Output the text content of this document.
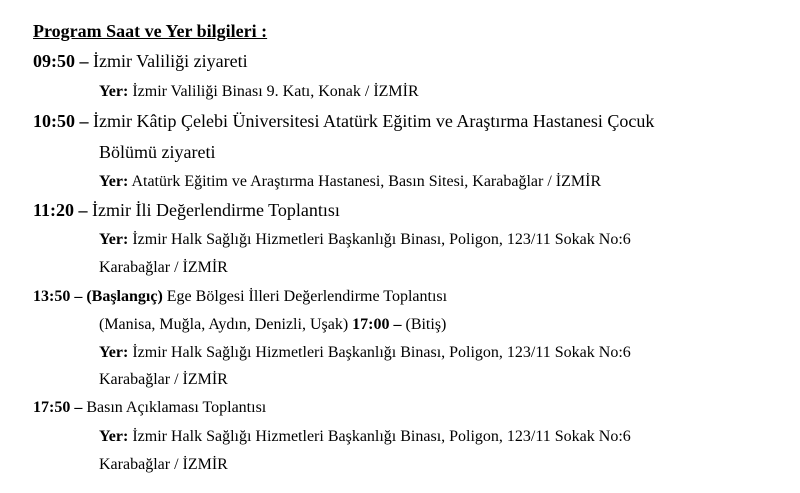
Program Saat ve Yer bilgileri :
09:50 – İzmir Valiliği ziyareti
Yer: İzmir Valiliği Binası 9. Katı, Konak / İZMİR
10:50 – İzmir Kâtip Çelebi Üniversitesi Atatürk Eğitim ve Araştırma Hastanesi Çocuk
Bölümü ziyareti
Yer: Atatürk Eğitim ve Araştırma Hastanesi, Basın Sitesi, Karabağlar / İZMİR
11:20 – İzmir İli Değerlendirme Toplantısı
Yer: İzmir Halk Sağlığı Hizmetleri Başkanlığı Binası, Poligon, 123/11 Sokak No:6
Karabağlar / İZMİR
13:50 – (Başlangıç) Ege Bölgesi İlleri Değerlendirme Toplantısı
(Manisa, Muğla, Aydın, Denizli, Uşak) 17:00 – (Bitiş)
Yer: İzmir Halk Sağlığı Hizmetleri Başkanlığı Binası, Poligon, 123/11 Sokak No:6
Karabağlar / İZMİR
17:50 – Basın Açıklaması Toplantısı
Yer: İzmir Halk Sağlığı Hizmetleri Başkanlığı Binası, Poligon, 123/11 Sokak No:6
Karabağlar / İZMİR
